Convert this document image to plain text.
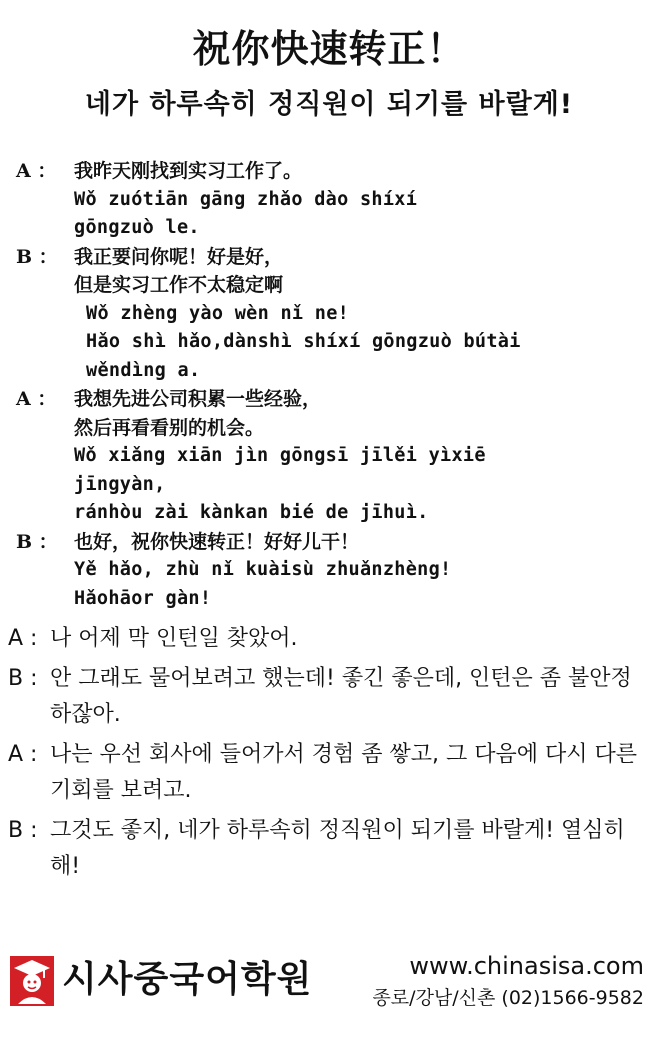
祝你快速转正！
네가 하루속히 정직원이 되기를 바랄게!
A ： 我昨天刚找到实习工作了。
Wǒ zuótiān gāng zhǎo dào shíxí
gōngzuò le.
B ： 我正要问你呢！好是好，
但是实习工作不太稳定啊
Wǒ zhèng yào wèn nǐ ne!
Hǎo shì hǎo,dànshì shíxí gōngzuò bútài
wěndìng a.
A ： 我想先进公司积累一些经验，
然后再看看别的机会。
Wǒ xiǎng xiān jìn gōngsī jīlěi yìxiē
jīngyàn,
ránhòu zài kànkan bié de jīhuì.
B ： 也好，祝你快速转正！好好儿干！
Yě hǎo, zhù nǐ kuàisù zhuǎnzhèng!
Hǎohāor gàn!
A : 나 어제 막 인턴일 찾았어.
B : 안 그래도 물어보려고 했는데! 좋긴 좋은데, 인턴은 좀 불안정하잖아.
A : 나는 우선 회사에 들어가서 경험 좀 쌓고, 그 다음에 다시 다른 기회를 보려고.
B : 그것도 좋지, 네가 하루속히 정직원이 되기를 바랄게! 열심히 해!
시사중국어학원	www.chinasisa.com
종로/강남/신촌 (02)1566-9582
